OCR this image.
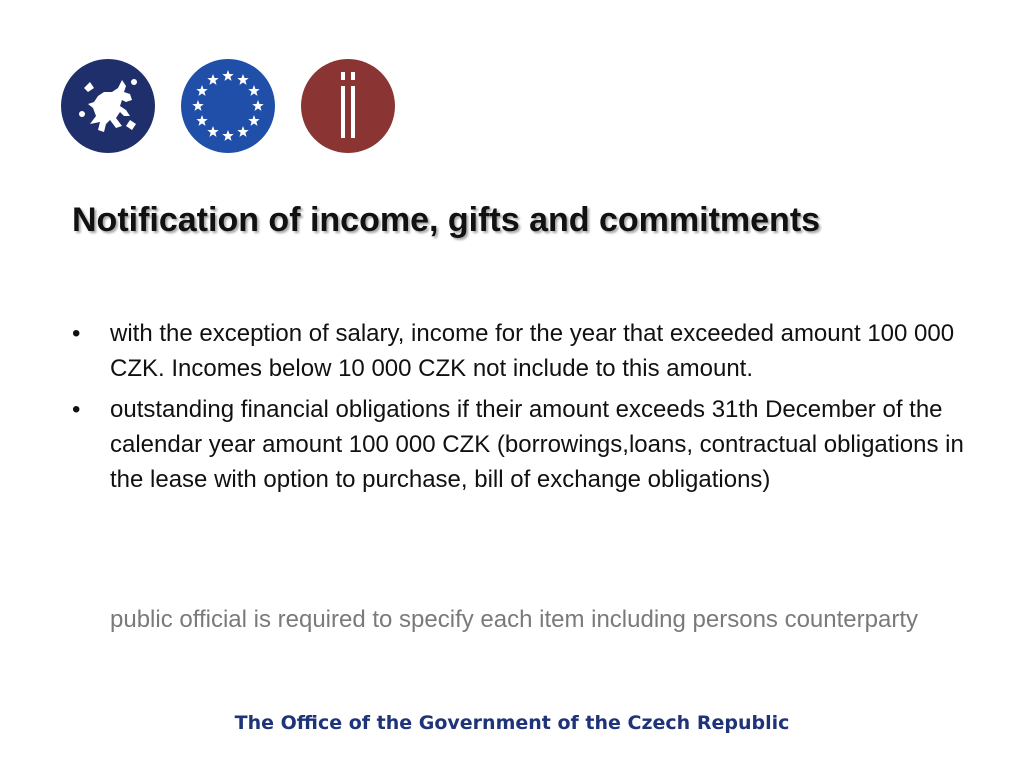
Notification of income, gifts and commitments
•	with the exception of salary, income for the year that exceeded amount 100 000 CZK. Incomes below 10 000 CZK not include to this amount.
•	outstanding financial obligations if their amount exceeds 31th December of the calendar year amount 100 000 CZK (borrowings,loans, contractual obligations in the lease with option to purchase, bill of exchange obligations)
public official is required to specify each item including persons counterparty
The Office of the Government of the Czech Republic
